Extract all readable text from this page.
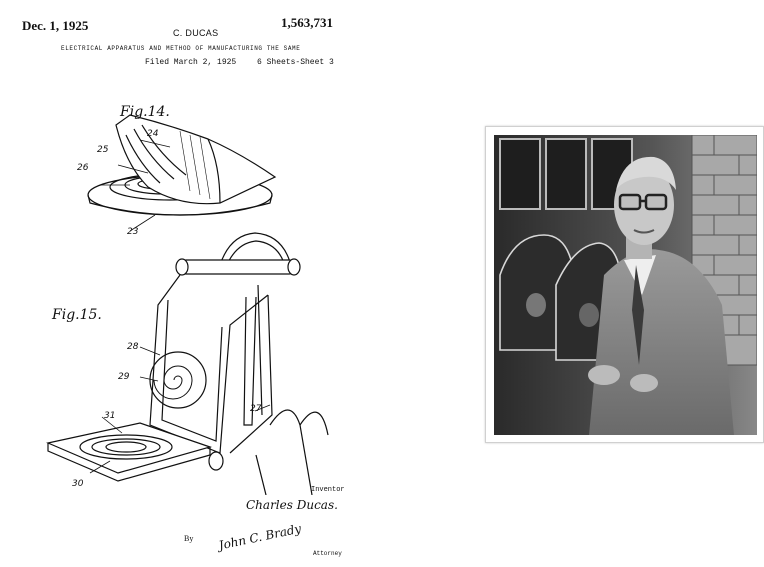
Dec. 1, 1925	C. DUCAS
1,563,731
ELECTRICAL APPARATUS AND METHOD OF MANUFACTURING THE SAME
Filed March 2, 1925	6 Sheets-Sheet 3
Fig.14.
Fig.15.
24
25
26
23
28
29
27
31
30
Inventor
Charles Ducas.
By John C. Brady
Attorney
